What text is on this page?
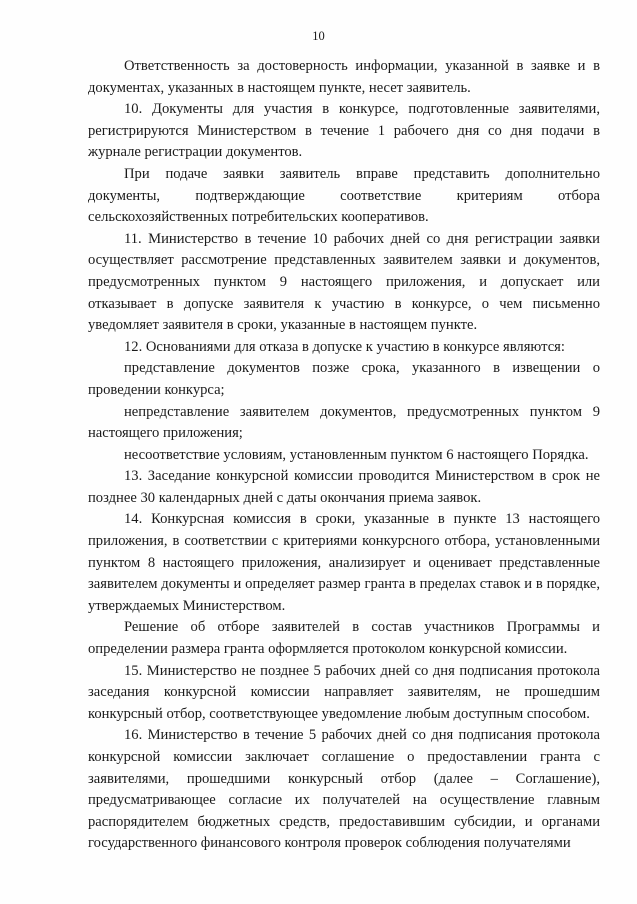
10

Ответственность за достоверность информации, указанной в заявке и в документах, указанных в настоящем пункте, несет заявитель.

10. Документы для участия в конкурсе, подготовленные заявителями, регистрируются Министерством в течение 1 рабочего дня со дня подачи в журнале регистрации документов.

При подаче заявки заявитель вправе представить дополнительно документы, подтверждающие соответствие критериям отбора сельскохозяйственных потребительских кооперативов.

11. Министерство в течение 10 рабочих дней со дня регистрации заявки осуществляет рассмотрение представленных заявителем заявки и документов, предусмотренных пунктом 9 настоящего приложения, и допускает или отказывает в допуске заявителя к участию в конкурсе, о чем письменно уведомляет заявителя в сроки, указанные в настоящем пункте.

12. Основаниями для отказа в допуске к участию в конкурсе являются:

представление документов позже срока, указанного в извещении о проведении конкурса;

непредставление заявителем документов, предусмотренных пунктом 9 настоящего приложения;

несоответствие условиям, установленным пунктом 6 настоящего Порядка.

13. Заседание конкурсной комиссии проводится Министерством в срок не позднее 30 календарных дней с даты окончания приема заявок.

14. Конкурсная комиссия в сроки, указанные в пункте 13 настоящего приложения, в соответствии с критериями конкурсного отбора, установленными пунктом 8 настоящего приложения, анализирует и оценивает представленные заявителем документы и определяет размер гранта в пределах ставок и в порядке, утверждаемых Министерством.

Решение об отборе заявителей в состав участников Программы и определении размера гранта оформляется протоколом конкурсной комиссии.

15. Министерство не позднее 5 рабочих дней со дня подписания протокола заседания конкурсной комиссии направляет заявителям, не прошедшим конкурсный отбор, соответствующее уведомление любым доступным способом.

16. Министерство в течение 5 рабочих дней со дня подписания протокола конкурсной комиссии заключает соглашение о предоставлении гранта с заявителями, прошедшими конкурсный отбор (далее – Соглашение), предусматривающее согласие их получателей на осуществление главным распорядителем бюджетных средств, предоставившим субсидии, и органами государственного финансового контроля проверок соблюдения получателями
